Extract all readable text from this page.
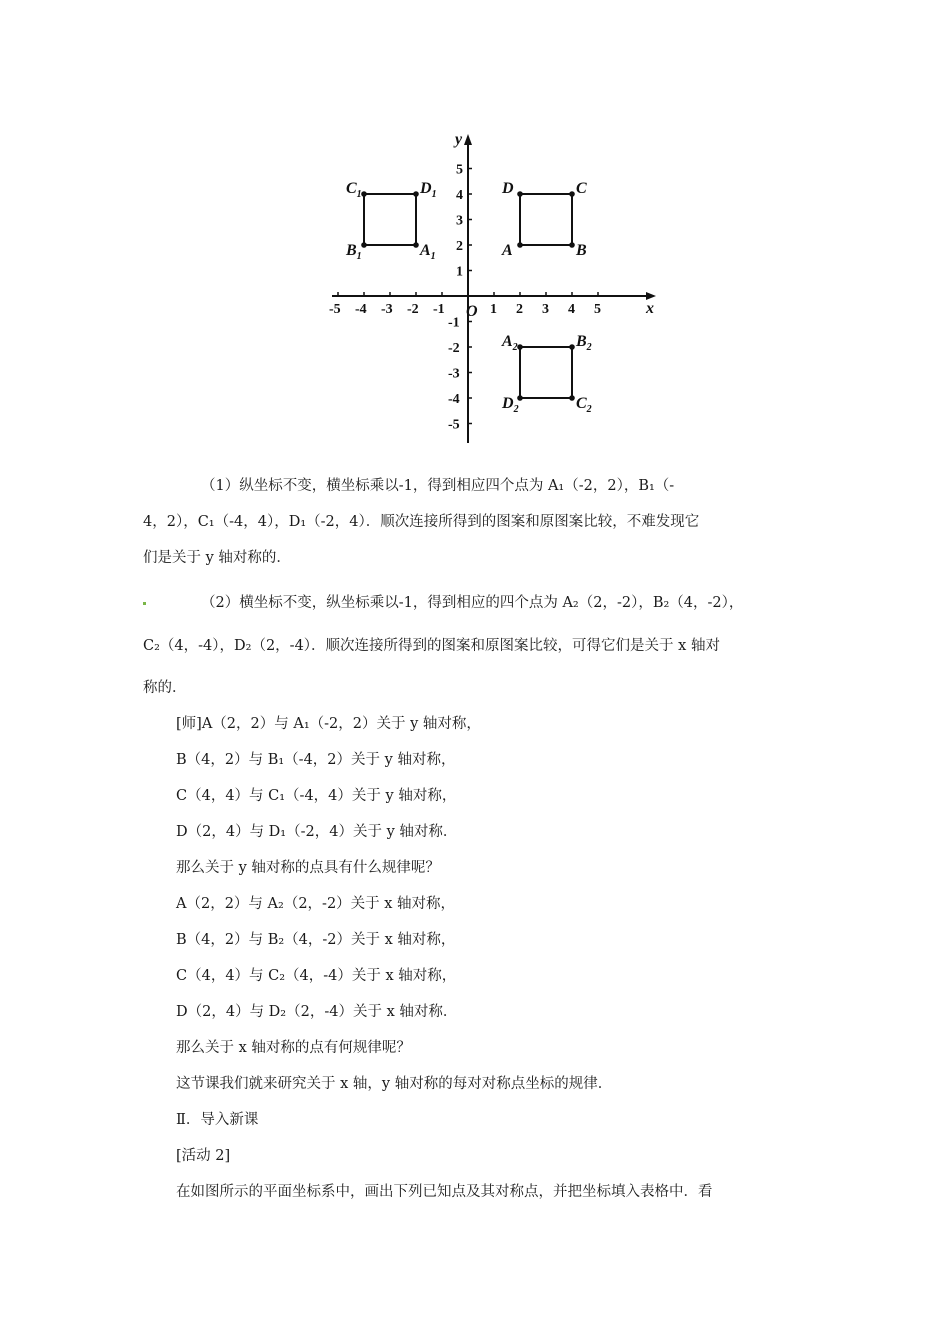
x
y
O
-5 -4 -3 -2 -1	1 2 3 4 5
5
4
3
2
1
-1
-2
-3
-4
-5
A	B
C
D
$A_1$
$B_1$
$C_1$	$D_1$
$A_2$	$B_2$
$C_2$
$D_2$
（1）纵坐标不变，横坐标乘以-1，得到相应四个点为 A₁（-2，2），B₁（-
4，2），C₁（-4，4），D₁（-2，4）．顺次连接所得到的图案和原图案比较，不难发现它
们是关于 y 轴对称的．
（2）横坐标不变，纵坐标乘以-1，得到相应的四个点为 A₂（2，-2），B₂（4，-2），
C₂（4，-4），D₂（2，-4）．顺次连接所得到的图案和原图案比较，可得它们是关于 x 轴对
称的．
[师]A（2，2）与 A₁（-2，2）关于 y 轴对称，
B（4，2）与 B₁（-4，2）关于 y 轴对称，
C（4，4）与 C₁（-4，4）关于 y 轴对称，
D（2，4）与 D₁（-2，4）关于 y 轴对称．
那么关于 y 轴对称的点具有什么规律呢？
A（2，2）与 A₂（2，-2）关于 x 轴对称，
B（4，2）与 B₂（4，-2）关于 x 轴对称，
C（4，4）与 C₂（4，-4）关于 x 轴对称，
D（2，4）与 D₂（2，-4）关于 x 轴对称．
那么关于 x 轴对称的点有何规律呢？
这节课我们就来研究关于 x 轴，y 轴对称的每对对称点坐标的规律．
Ⅱ．导入新课
[活动 2]
在如图所示的平面坐标系中，画出下列已知点及其对称点，并把坐标填入表格中．看
